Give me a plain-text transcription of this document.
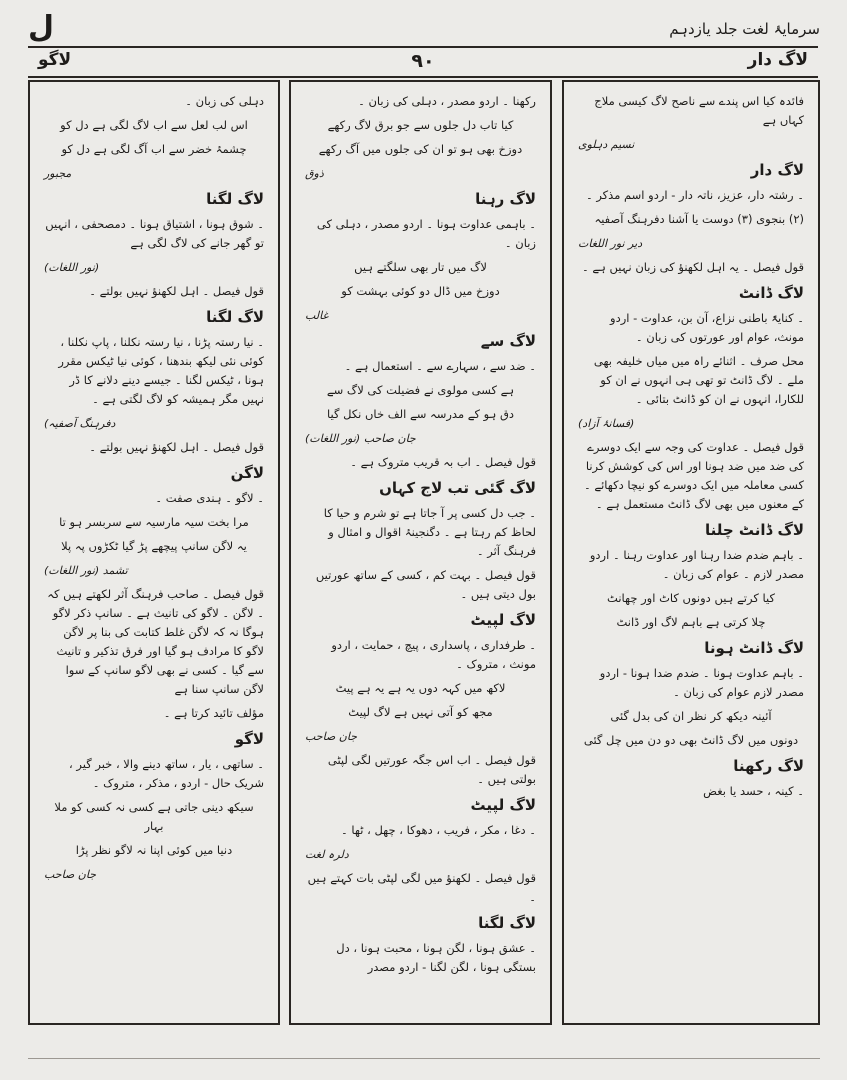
ل	سرمایۂ لغت جلد یازدہم
لاگو	۹۰	لاگ دار

فائدہ کیا اس پندے سے ناصح لاگ کیسی ملاج کہاں ہے

نسیم دہلوی

لاگ دار

۔ رشتہ دار، عزیز، ناتہ دار - اردو اسم مذکر ۔

(۲) بنجوی (۳) دوست یا آشنا دفرہنگ آصفیہ

دیر نور اللغات

قول فیصل ۔ یہ اہل لکھنؤ کی زبان نہیں ہے ۔

لاگ ڈانٹ

۔ کنایۃً باطنی نزاع، آن بن، عداوت - اردو مونث، عوام اور عورتوں کی زبان ۔

محل صرف ۔ اثنائے راہ میں میاں خلیفہ بھی ملے ۔ لاگ ڈانٹ تو تھی ہی انہوں نے ان کو للکارا، انہوں نے ان کو ڈانٹ بتائی ۔

(فسانۂ آزاد)

قول فیصل ۔ عداوت کی وجہ سے ایک دوسرے کی ضد میں ضد ہونا اور اس کی کوشش کرنا کسی معاملہ میں ایک دوسرے کو نیچا دکھائے ۔ کے معنوں میں بھی لاگ ڈانٹ مستعمل ہے ۔

لاگ ڈانٹ چلنا

۔ باہم ضدم ضدا رہنا اور عداوت رہنا ۔ اردو مصدر لازم ۔ عوام کی زبان ۔

کیا کرتے ہیں دونوں کاٹ اور چھانٹ

چلا کرتی ہے باہم لاگ اور ڈانٹ

لاگ ڈانٹ ہونا

۔ باہم عداوت ہونا ۔ ضدم ضدا ہونا - اردو مصدر لازم عوام کی زبان ۔

آئینہ دیکھ کر نظر ان کی بدل گئی

دونوں میں لاگ ڈانٹ بھی دو دن میں چل گئی

لاگ رکھنا

۔ کینہ ، حسد یا بغض

رکھنا ۔ اردو مصدر ، دہلی کی زبان ۔

کیا تاب دل جلوں سے جو برق لاگ رکھے

دوزخ بھی ہو تو ان کی جلوں میں آگ رکھے

ذوق

لاگ رہنا

۔ باہمی عداوت ہونا ۔ اردو مصدر ، دہلی کی زبان ۔

لاگ میں تار بھی سلگتے ہیں

دوزخ میں ڈال دو کوئی بہشت کو

غالب

لاگ سے

۔ ضد سے ، سہارے سے ۔ استعمال ہے ۔

ہے کسی مولوی نے فضیلت کی لاگ سے

دق ہو کے مدرسہ سے الف خاں نکل گیا

جان صاحب (نور اللغات)

قول فیصل ۔ اب بہ قریب متروک ہے ۔

لاگ گئی تب لاج کہاں

۔ جب دل کسی پر آ جاتا ہے تو شرم و حیا کا لحاظ کم رہتا ہے ۔ دگنجینۂ اقوال و امثال و فرہنگ آثر ۔

قول فیصل ۔ بہت کم ، کسی کے ساتھ عورتیں بول دیتی ہیں ۔

لاگ لپیٹ

۔ طرفداری ، پاسداری ، پیچ ، حمایت ، اردو مونث ، متروک ۔

لاکھ میں کہہ دوں یہ ہے یہ ہے پیٹ

مجھ کو آتی نہیں ہے لاگ لپیٹ

جان صاحب

قول فیصل ۔ اب اس جگہ عورتیں لگی لپٹی بولتی ہیں ۔

لاگ لپیٹ

۔ دغا ، مکر ، فریب ، دھوکا ، چھل ، ٹھا ۔

دلرہ لغت

قول فیصل ۔ لکھنؤ میں لگی لپٹی بات کہتے ہیں ۔

لاگ لگنا

۔ عشق ہونا ، لگن ہونا ، محبت ہونا ، دل بستگی ہونا ، لگن لگنا - اردو مصدر

دہلی کی زبان ۔

اس لب لعل سے اب لاگ لگی ہے دل کو

چشمۂ خضر سے اب آگ لگی ہے دل کو

مجبور

لاگ لگنا

۔ شوق ہونا ، اشتیاق ہونا ۔ دمصحفی ، انہیں تو گھر جانے کی لاگ لگی ہے

(نور اللغات)

قول فیصل ۔ اہل لکھنؤ نہیں بولتے ۔

لاگ لگنا

۔ نیا رستہ پڑنا ، نیا رستہ نکلنا ، پاپ نکلنا ، کوئی نئی لیکھ بندھنا ، کوئی نیا ٹیکس مقرر ہونا ، ٹیکس لگنا ۔ جیسے دینے دلانے کا ڈر نہیں مگر ہمیشہ کو لاگ لگتی ہے ۔

دفرہنگ آصفیہ)

قول فیصل ۔ اہل لکھنؤ نہیں بولتے ۔

لاگن

۔ لاگو ۔ ہندی صفت ۔

مرا بخت سیہ مارسیہ سے سربسر ہو تا

یہ لاگن سانپ پیچھے پڑ گیا ٹکڑوں پہ پلا

تشمد (نور اللغات)

قول فیصل ۔ صاحب فرہنگ آثر لکھتے ہیں کہ ۔ لاگن ۔ لاگو کی تانیث ہے ۔ سانپ ذکر لاگو ہوگا نہ کہ لاگن غلط کتابت کی بنا پر لاگن لاگو کا مرادف ہو گیا اور فرق تذکیر و تانیث سے گیا ۔ کسی نے بھی لاگو سانپ کے سوا لاگن سانپ سنا ہے

مؤلف تائید کرتا ہے ۔

لاگو

۔ ساتھی ، یار ، ساتھ دینے والا ، خبر گیر ، شریک حال - اردو ، مذکر ، متروک ۔

سیکھ دینی جاتی ہے کسی نہ کسی کو ملا بہار

دنیا میں کوئی اپنا نہ لاگو نظر پڑا

جان صاحب
